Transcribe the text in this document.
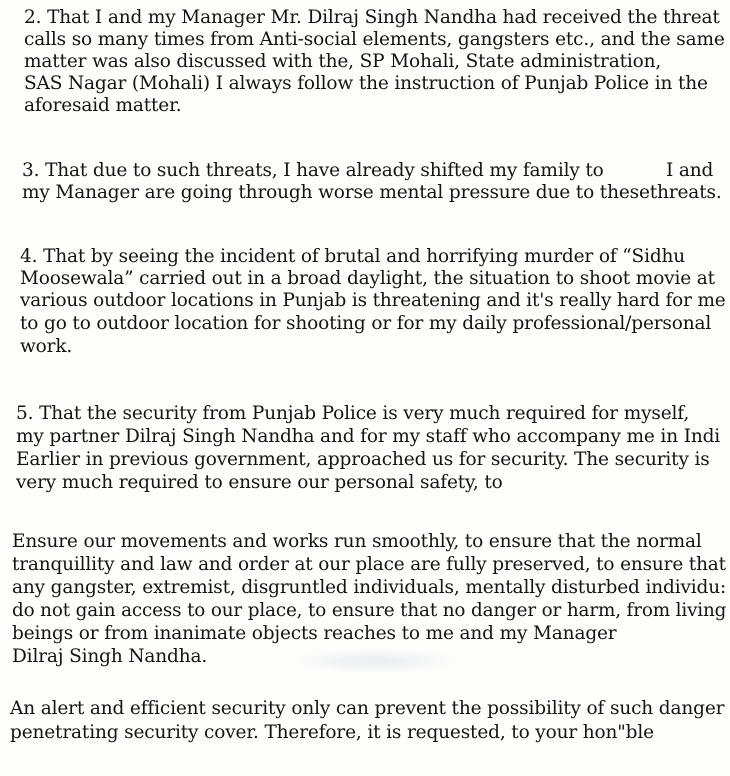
2. That I and my Manager Mr. Dilraj Singh Nandha had received the threat
calls so many times from Anti-social elements, gangsters etc., and the same
matter was also discussed with the, SP Mohali, State administration,
SAS Nagar (Mohali) I always follow the instruction of Punjab Police in the
aforesaid matter.
3. That due to such threats, I have already shifted my family to	I and
my Manager are going through worse mental pressure due to thesethreats.
4. That by seeing the incident of brutal and horrifying murder of “Sidhu
Moosewala” carried out in a broad daylight, the situation to shoot movie at
various outdoor locations in Punjab is threatening and it's really hard for me
to go to outdoor location for shooting or for my daily professional/personal
work.
5. That the security from Punjab Police is very much required for myself,
my partner Dilraj Singh Nandha and for my staff who accompany me in Indi
Earlier in previous government, approached us for security. The security is
very much required to ensure our personal safety, to
Ensure our movements and works run smoothly, to ensure that the normal
tranquillity and law and order at our place are fully preserved, to ensure that
any gangster, extremist, disgruntled individuals, mentally disturbed individu:
do not gain access to our place, to ensure that no danger or harm, from living
beings or from inanimate objects reaches to me and my Manager
Dilraj Singh Nandha.
An alert and efficient security only can prevent the possibility of such danger
penetrating security cover. Therefore, it is requested, to your hon"ble
